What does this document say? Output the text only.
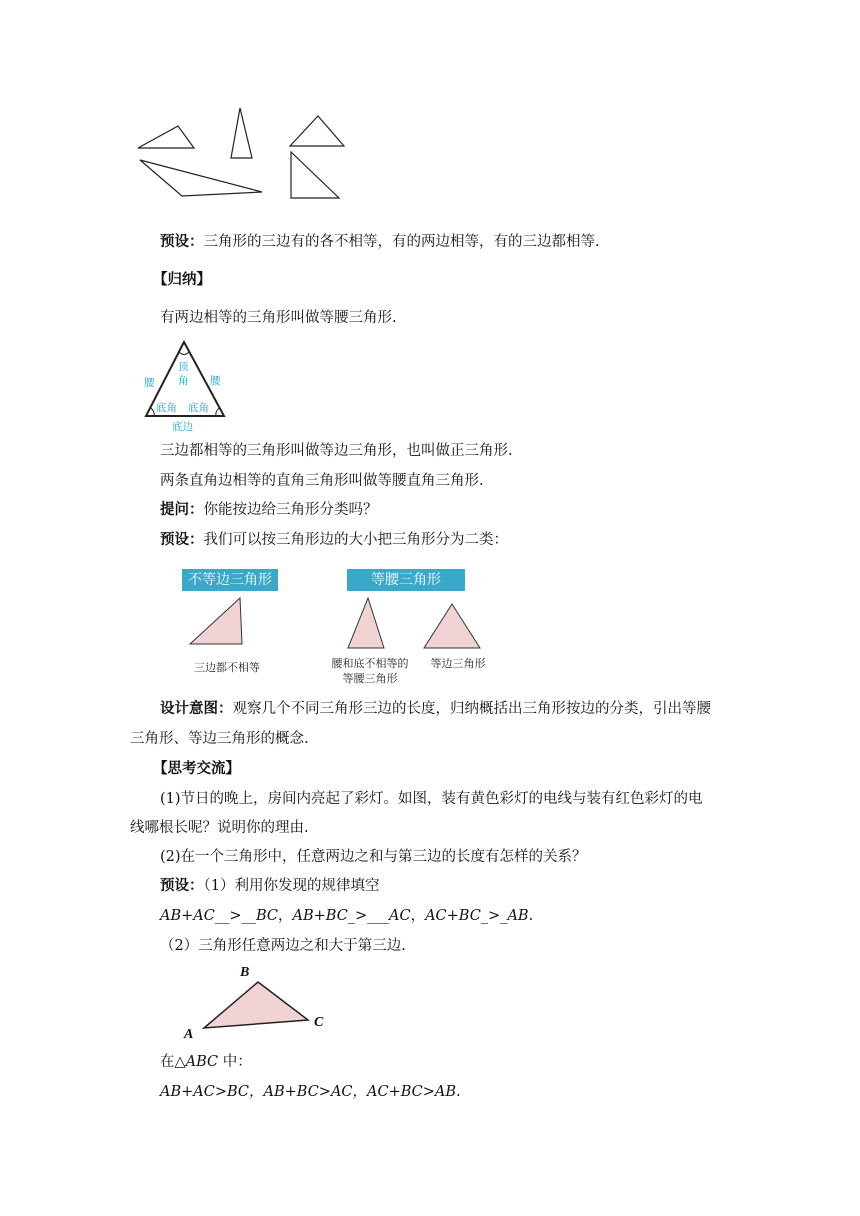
预设：三角形的三边有的各不相等，有的两边相等，有的三边都相等.
【归纳】
有两边相等的三角形叫做等腰三角形.
腰	腰
顶
角
底角 底角
底边
三边都相等的三角形叫做等边三角形，也叫做正三角形.
两条直角边相等的直角三角形叫做等腰直角三角形.
提问：你能按边给三角形分类吗？
预设：我们可以按三角形边的大小把三角形分为二类：
不等边三角形	等腰三角形
三边都不相等	腰和底不相等的
等腰三角形
等边三角形
设计意图：观察几个不同三角形三边的长度，归纳概括出三角形按边的分类，引出等腰
三角形、等边三角形的概念.
【思考交流】
(1)节日的晚上，房间内亮起了彩灯。如图，装有黄色彩灯的电线与装有红色彩灯的电
线哪根长呢？说明你的理由.
(2)在一个三角形中，任意两边之和与第三边的长度有怎样的关系？
预设：（1）利用你发现的规律填空
AB+AC__>__BC，AB+BC_>___AC，AC+BC_>_AB.
（2）三角形任意两边之和大于第三边.
B
A
C
在△ABC 中：
AB+AC>BC，AB+BC>AC，AC+BC>AB.
